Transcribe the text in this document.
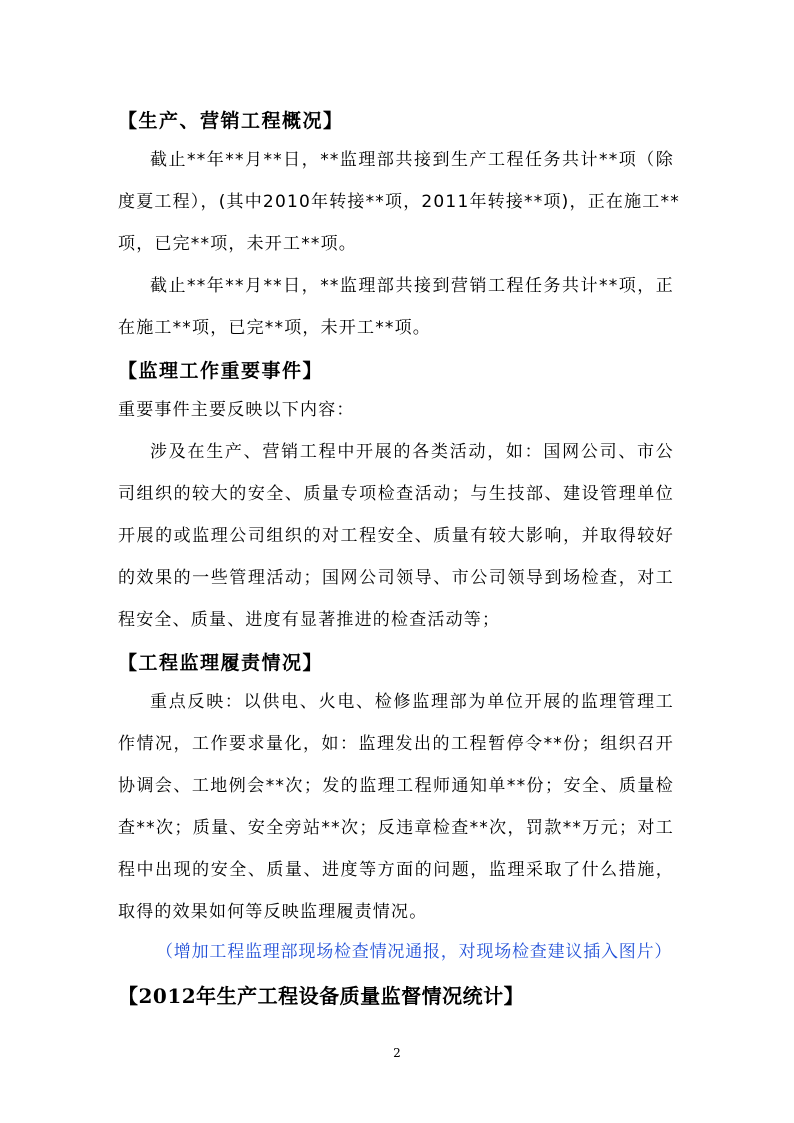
【生产、营销工程概况】
截止**年**月**日，**监理部共接到生产工程任务共计**项（除
度夏工程），(其中2010年转接**项，2011年转接**项)，正在施工**
项，已完**项，未开工**项。
截止**年**月**日，**监理部共接到营销工程任务共计**项，正
在施工**项，已完**项，未开工**项。
【监理工作重要事件】
重要事件主要反映以下内容：
涉及在生产、营销工程中开展的各类活动，如：国网公司、市公
司组织的较大的安全、质量专项检查活动；与生技部、建设管理单位
开展的或监理公司组织的对工程安全、质量有较大影响，并取得较好
的效果的一些管理活动；国网公司领导、市公司领导到场检查，对工
程安全、质量、进度有显著推进的检查活动等；
【工程监理履责情况】
重点反映：以供电、火电、检修监理部为单位开展的监理管理工
作情况，工作要求量化，如：监理发出的工程暂停令**份；组织召开
协调会、工地例会**次；发的监理工程师通知单**份；安全、质量检
查**次；质量、安全旁站**次；反违章检查**次，罚款**万元；对工
程中出现的安全、质量、进度等方面的问题，监理采取了什么措施，
取得的效果如何等反映监理履责情况。
（增加工程监理部现场检查情况通报，对现场检查建议插入图片）
【2012年生产工程设备质量监督情况统计】
2
